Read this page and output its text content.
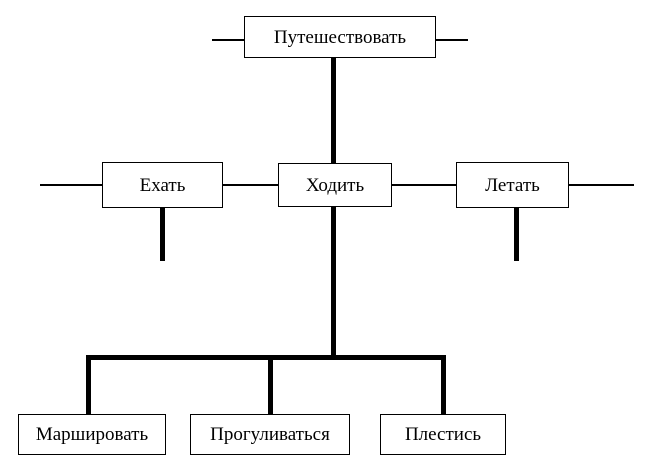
Путешествовать
Ехать	Ходить	Летать
Маршировать	Прогуливаться	Плестись
